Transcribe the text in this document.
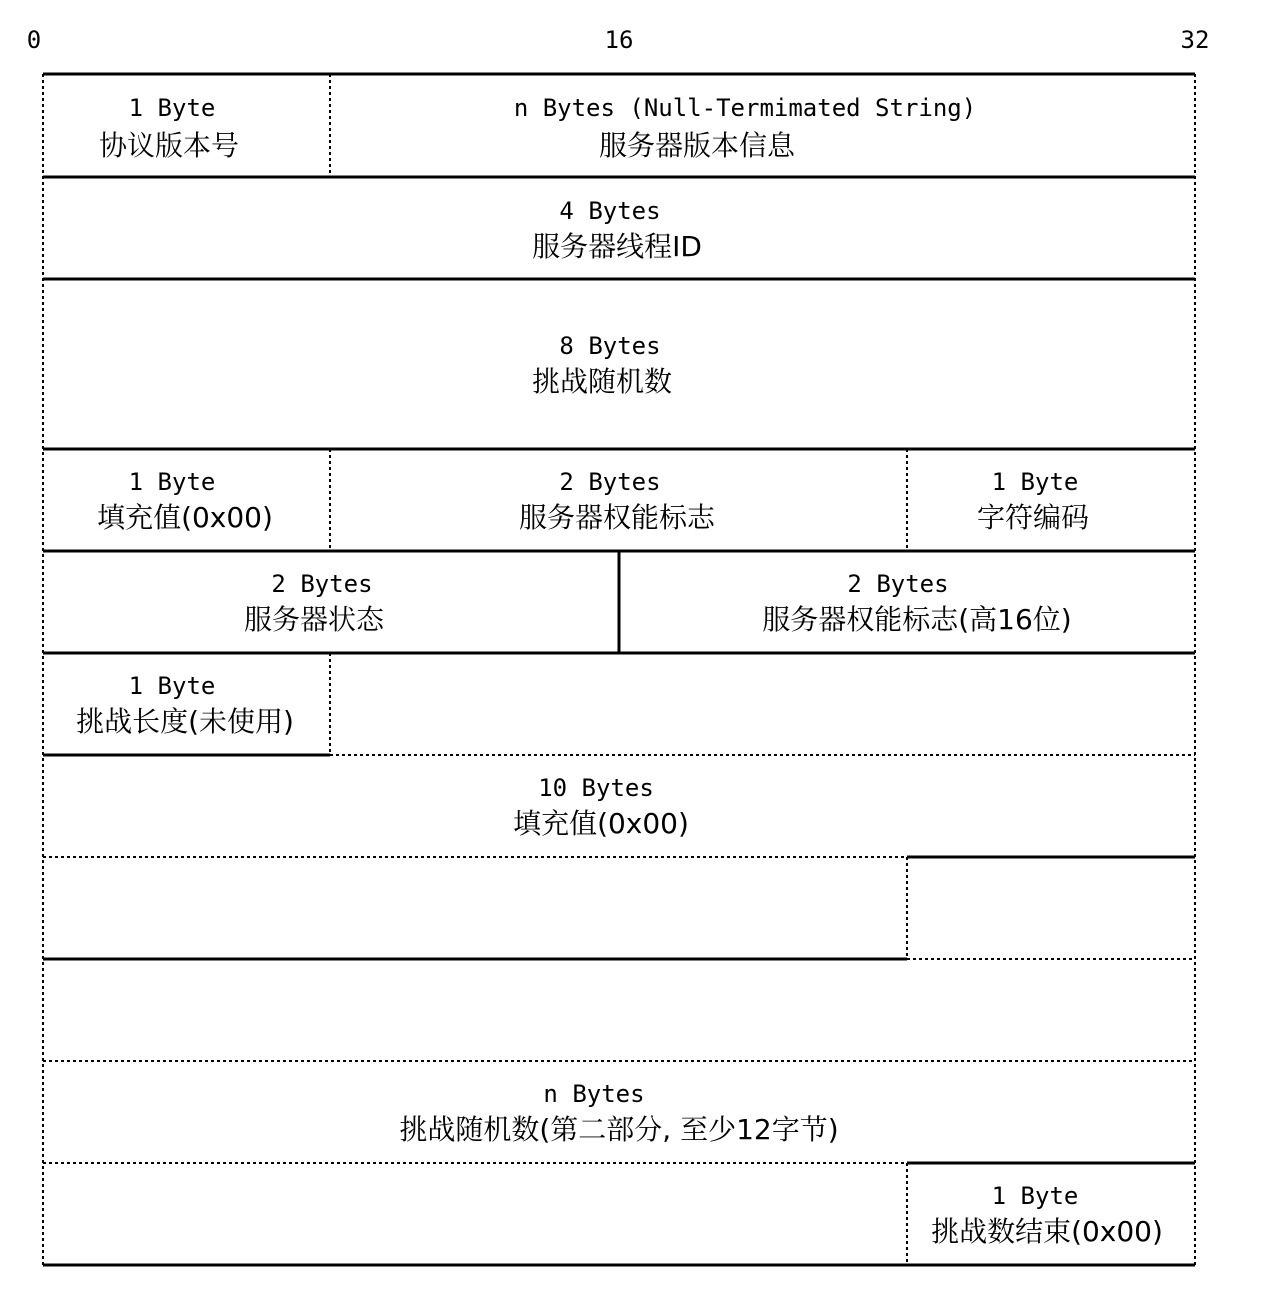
0	16	32
1 Byte
协议版本号
n Bytes (Null-Termimated String)
服务器版本信息
4 Bytes
服务器线程ID
8 Bytes
挑战随机数
1 Byte
填充值(0x00)
2 Bytes
服务器权能标志
1 Byte
字符编码
2 Bytes
服务器状态
2 Bytes
服务器权能标志(高16位)
1 Byte
挑战长度(未使用)
10 Bytes
填充值(0x00)
n Bytes
挑战随机数(第二部分, 至少12字节)
1 Byte
挑战数结束(0x00)
